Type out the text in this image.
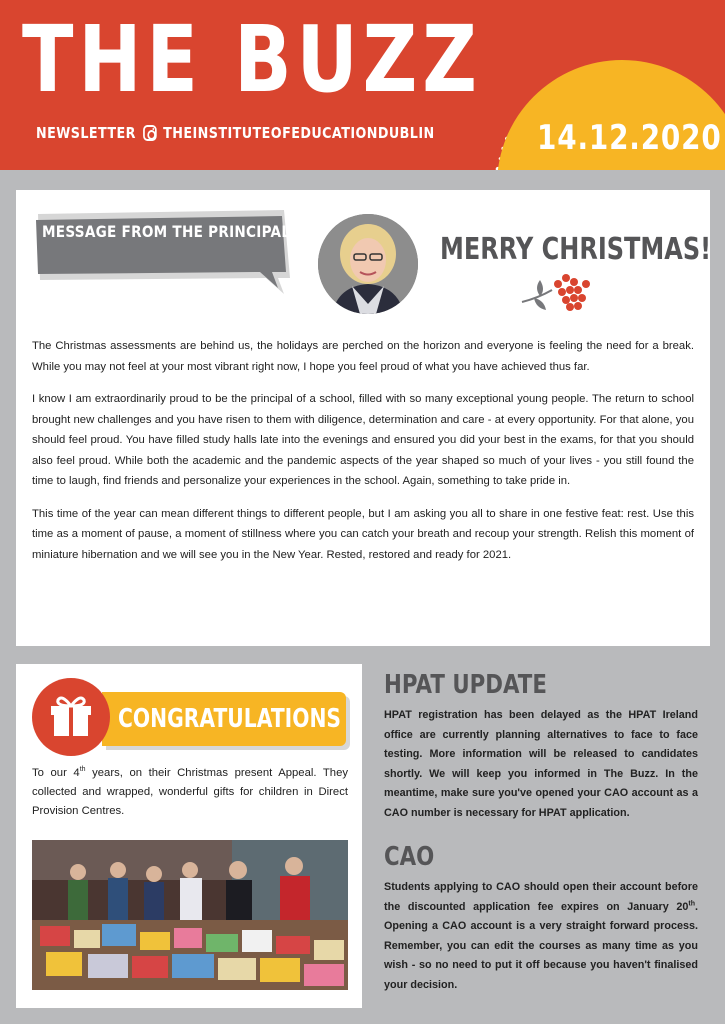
THE BUZZ
NEWSLETTER THEINSTITUTEOFEDUCATIONDUBLIN	14.12.2020
MESSAGE FROM THE PRINCIPAL
MERRY CHRISTMAS!

The Christmas assessments are behind us, the holidays are perched on the horizon and everyone is feeling the need for a break. While you may not feel at your most vibrant right now, I hope you feel proud of what you have achieved thus far.

I know I am extraordinarily proud to be the principal of a school, filled with so many exceptional young people. The return to school brought new challenges and you have risen to them with diligence, determination and care - at every opportunity. For that alone, you should feel proud. You have filled study halls late into the evenings and ensured you did your best in the exams, for that you should also feel proud. While both the academic and the pandemic aspects of the year shaped so much of your lives - you still found the time to laugh, find friends and personalize your experiences in the school. Again, something to take pride in.

This time of the year can mean different things to different people, but I am asking you all to share in one festive feat: rest. Use this time as a moment of pause, a moment of stillness where you can catch your breath and recoup your strength. Relish this moment of miniature hibernation and we will see you in the New Year. Rested, restored and ready for 2021.

CONGRATULATIONS
To our 4th years, on their Christmas present Appeal. They collected and wrapped, wonderful gifts for children in Direct Provision Centres.
HPAT UPDATE
HPAT registration has been delayed as the HPAT Ireland office are currently planning alternatives to face to face testing. More information will be released to candidates shortly. We will keep you informed in The Buzz. In the meantime, make sure you've opened your CAO account as a CAO number is necessary for HPAT application.
CAO
Students applying to CAO should open their account before the discounted application fee expires on January 20th. Opening a CAO account is a very straight forward process. Remember, you can edit the courses as many time as you wish - so no need to put it off because you haven't finalised your decision.
